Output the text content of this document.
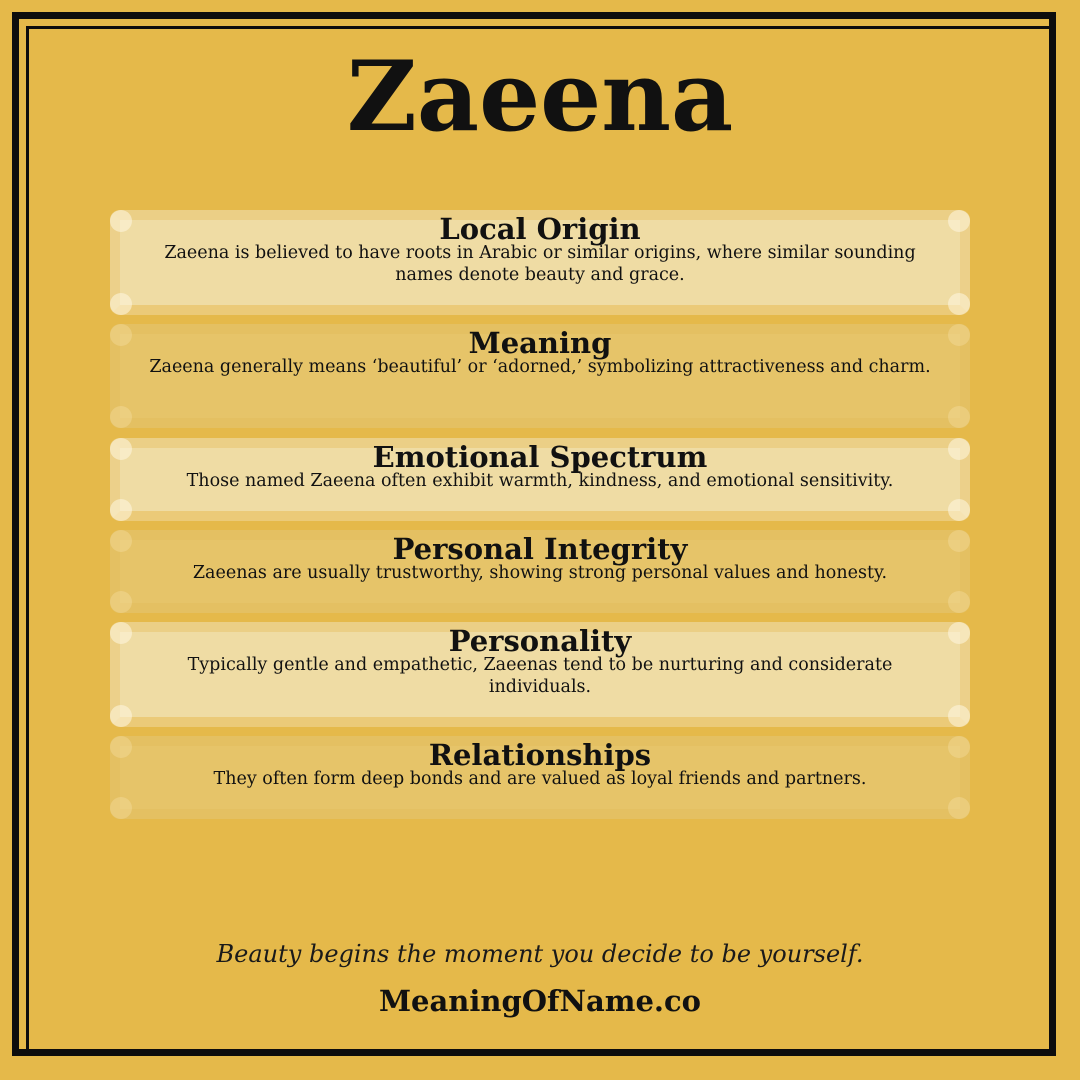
Zaeena
Local Origin

Zaeena is believed to have roots in Arabic or similar origins, where similar sounding names denote beauty and grace.

Meaning

Zaeena generally means ‘beautiful’ or ‘adorned,’ symbolizing attractiveness and charm.

Emotional Spectrum

Those named Zaeena often exhibit warmth, kindness, and emotional sensitivity.

Personal Integrity

Zaeenas are usually trustworthy, showing strong personal values and honesty.

Personality

Typically gentle and empathetic, Zaeenas tend to be nurturing and considerate individuals.

Relationships

They often form deep bonds and are valued as loyal friends and partners.

Beauty begins the moment you decide to be yourself.
MeaningOfName.co
